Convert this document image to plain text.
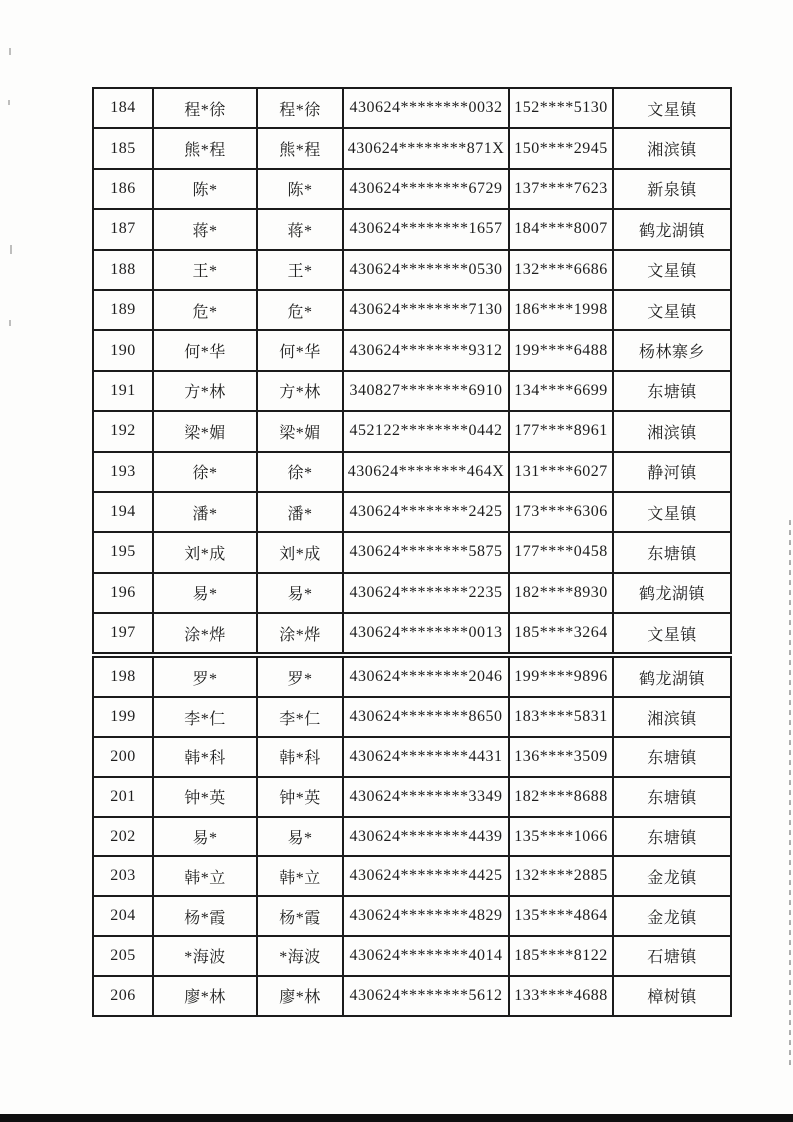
184	程*徐	程*徐	430624********0032	152****5130	文星镇
185	熊*程	熊*程	430624********871X	150****2945	湘滨镇
186	陈*	陈*	430624********6729	137****7623	新泉镇
187	蒋*	蒋*	430624********1657	184****8007	鹤龙湖镇
188	王*	王*	430624********0530	132****6686	文星镇
189	危*	危*	430624********7130	186****1998	文星镇
190	何*华	何*华	430624********9312	199****6488	杨林寨乡
191	方*林	方*林	340827********6910	134****6699	东塘镇
192	梁*媚	梁*媚	452122********0442	177****8961	湘滨镇
193	徐*	徐*	430624********464X	131****6027	静河镇
194	潘*	潘*	430624********2425	173****6306	文星镇
195	刘*成	刘*成	430624********5875	177****0458	东塘镇
196	易*	易*	430624********2235	182****8930	鹤龙湖镇
197	涂*烨	涂*烨	430624********0013	185****3264	文星镇
198	罗*	罗*	430624********2046	199****9896	鹤龙湖镇
199	李*仁	李*仁	430624********8650	183****5831	湘滨镇
200	韩*科	韩*科	430624********4431	136****3509	东塘镇
201	钟*英	钟*英	430624********3349	182****8688	东塘镇
202	易*	易*	430624********4439	135****1066	东塘镇
203	韩*立	韩*立	430624********4425	132****2885	金龙镇
204	杨*霞	杨*霞	430624********4829	135****4864	金龙镇
205	*海波	*海波	430624********4014	185****8122	石塘镇
206	廖*林	廖*林	430624********5612	133****4688	樟树镇
